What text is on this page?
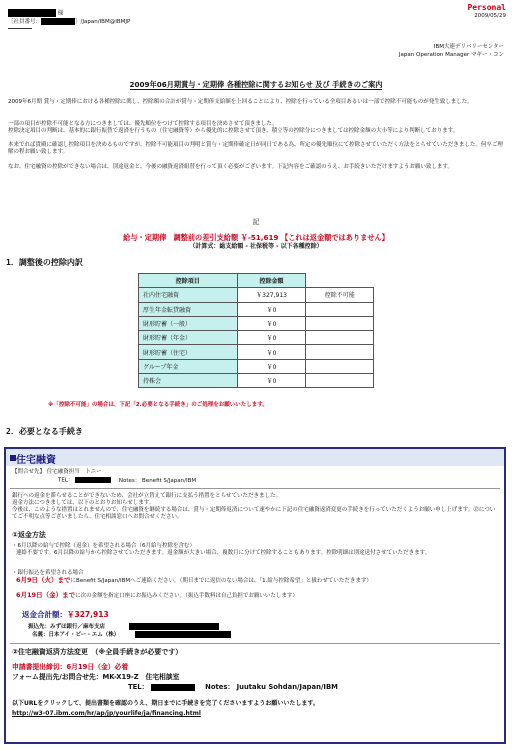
Personal
2009/05/29
様
［社員番号：	］/Japan/IBM@IBMJP
IBM大連デリバリーセンター
Japan Operation Manager マギー・コン
2009年06月期賞与・定期俸 各種控除に関するお知らせ 及び 手続きのご案内
2009年6月期 賞与・定期俸における各種控除に関し、控除額の合計が賞与・定期俸支給額を上回ることにより、控除を行っている全項目あるいは一部で控除不可能ものが発生致しました。
一部の項目が控除不可能となる方につきましては、優先順位をつけて控除する項目を決めさせて頂きました。
控除決定項目の判断は、基本的に銀行振替で返済を行うもの（住宅融資等）から優先的に控除させて頂き、積立等の控除分につきましては控除金額の大小等により判断しております。
本来でれば貴殿に確認し控除項目を決めるものですが、控除不可能項目の判明と賞与・定期俸確定日が同日である為、所定の優先順位にて控除させていただく方法をとらせていただきました。何卒ご理解の程お願い致します。
なお、住宅融資の控除ができない場合は、別途返金と、今後の融資返済組替を行って頂く必要がございます。下記内容をご確認のうえ、お手続きいただけますようお願い致します。
記
給与・定期俸　調整前の差引支給額 ￥-51,619 【これは返金額ではありません】
（計算式：総支給額 - 社保税等 - 以下各種控除）
1．調整後の控除内訳
控除項目	控除金額	
社内住宅融資	￥327,913	控除不可能
厚生年金転貸融資	￥0	
財形貯蓄（一般）	￥0	
財形貯蓄（年金）	￥0	
財形貯蓄（住宅）	￥0	
グループ年金	￥0	
持株会	￥0	
※「控除不可能」の場合は、下記「2.必要となる手続き」のご処理をお願いいたします。
2．必要となる手続き
住宅融資
【問合せ先】 住宅融資担当　トニー
TEL：	Notes： Benefit S/Japan/IBM
銀行への返金を滞らせることができないため、会社が立替えて銀行に支払う措置をとらせていただきました。
返金方法につきましては、以下のとおりお知らせします。
今後は、このような措置はとれませんので、住宅融資を継続する場合は、賞与・定期俸返済について速やかに下記の住宅融資返済変更の手続きを行っていただくようお願い申し上げます。⑫についてご不明な点等ございましたら、住宅相談窓口へお問合せください。
①返金方法
・6月以降の給与で控除（返金）を希望される場合（6月給与控除を含む）
連絡不要です。6月以降の給与から控除させていただきます。返金額が大きい場合、複数月に分けて控除することもあります。控除明細は別途送付させていただきます。
・銀行振込を希望される場合
6月9日（火）までにBenefit S/Japan/IBMへご連絡ください。（期日までに返信のない場合は、「1.給与控除希望」と扱わせていただきます）
6月19日（金）までに次の金額を指定口座にお振込みください。（振込手数料は自己負担でお願いいたします）
返金合計額：￥327,913
振込先：みずほ銀行／麻布支店
名義：日本アイ・ビー・エム（株）
②住宅融資返済方法変更　（※全員手続きが必要です）
申請書提出締切：6月19日（金）必着
フォーム提出先/お問合せ先：MK-X19-Z　住宅相談室
TEL：	Notes： Juutaku Sohdan/Japan/IBM
以下URLをクリックして、提出書類を確認のうえ、期日までに手続きを完了くださいますようお願いいたします。
http://w3-07.ibm.com/hr/ap/jp/yourlife/ja/financing.html
